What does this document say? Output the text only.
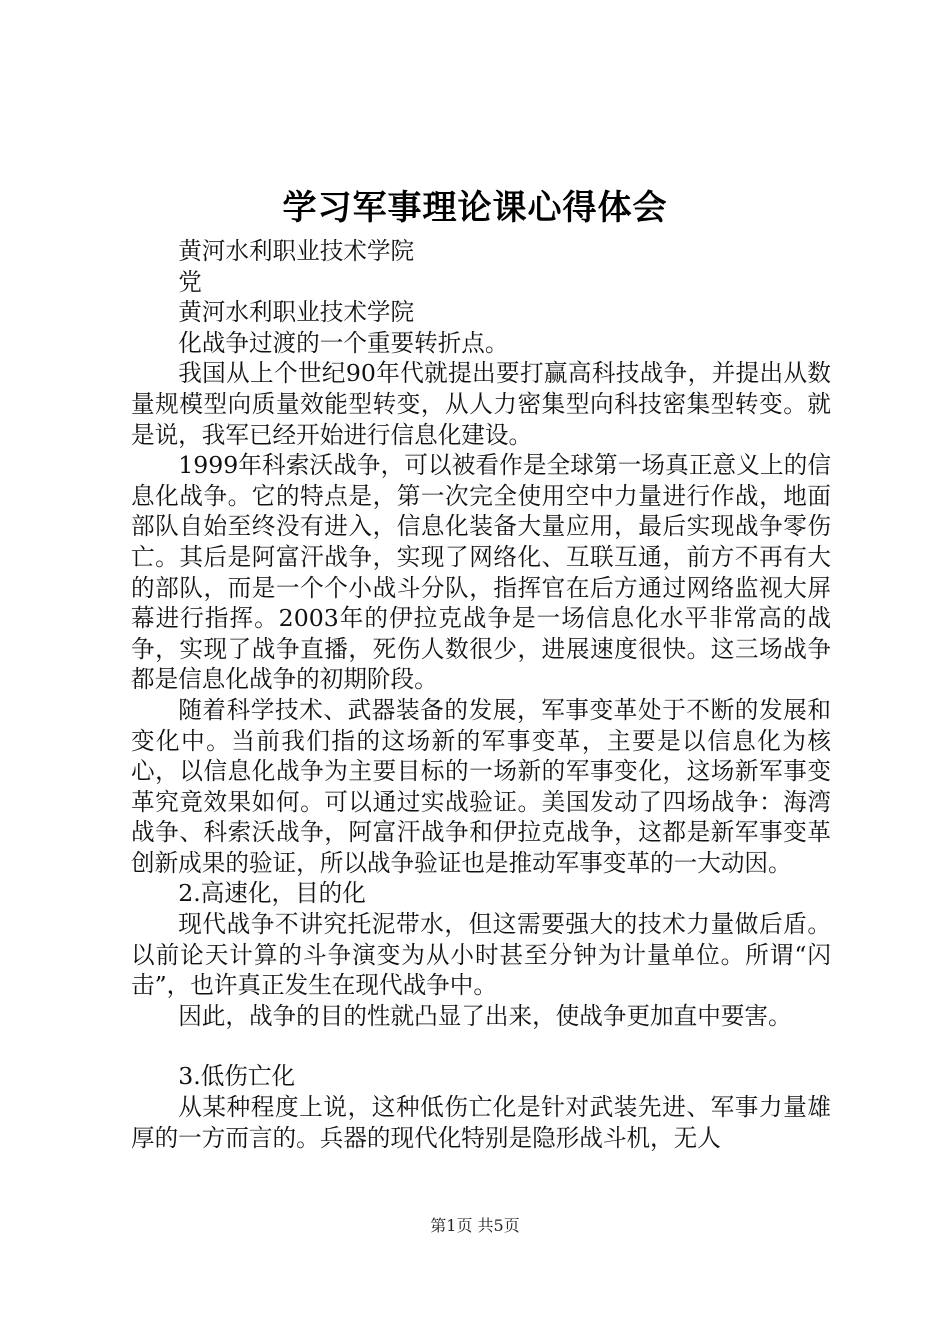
学习军事理论课心得体会

黄河水利职业技术学院

党

黄河水利职业技术学院

化战争过渡的一个重要转折点。

我国从上个世纪90年代就提出要打赢高科技战争，并提出从数量规模型向质量效能型转变，从人力密集型向科技密集型转变。就是说，我军已经开始进行信息化建设。

1999年科索沃战争，可以被看作是全球第一场真正意义上的信息化战争。它的特点是，第一次完全使用空中力量进行作战，地面部队自始至终没有进入，信息化装备大量应用，最后实现战争零伤亡。其后是阿富汗战争，实现了网络化、互联互通，前方不再有大的部队，而是一个个小战斗分队，指挥官在后方通过网络监视大屏幕进行指挥。2003年的伊拉克战争是一场信息化水平非常高的战争，实现了战争直播，死伤人数很少，进展速度很快。这三场战争都是信息化战争的初期阶段。

随着科学技术、武器装备的发展，军事变革处于不断的发展和变化中。当前我们指的这场新的军事变革，主要是以信息化为核心，以信息化战争为主要目标的一场新的军事变化，这场新军事变革究竟效果如何。可以通过实战验证。美国发动了四场战争：海湾战争、科索沃战争，阿富汗战争和伊拉克战争，这都是新军事变革创新成果的验证，所以战争验证也是推动军事变革的一大动因。

2.高速化，目的化

现代战争不讲究托泥带水，但这需要强大的技术力量做后盾。以前论天计算的斗争演变为从小时甚至分钟为计量单位。所谓“闪击”，也许真正发生在现代战争中。

因此，战争的目的性就凸显了出来，使战争更加直中要害。

3.低伤亡化

从某种程度上说，这种低伤亡化是针对武装先进、军事力量雄厚的一方而言的。兵器的现代化特别是隐形战斗机，无人

第1页 共5页
